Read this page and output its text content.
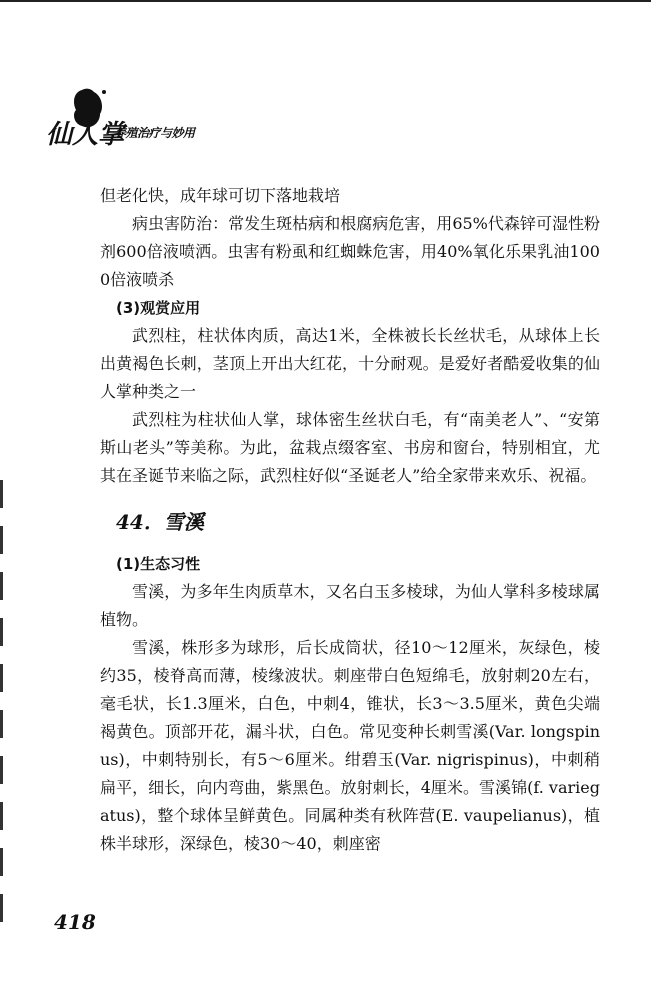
仙人掌
养殖治疗与妙用

但老化快，成年球可切下落地栽培

病虫害防治：常发生斑枯病和根腐病危害，用65%代森锌可湿性粉剂600倍液喷洒。虫害有粉虱和红蜘蛛危害，用40%氧化乐果乳油1000倍液喷杀

(3)观赏应用

武烈柱，柱状体肉质，高达1米，全株被长长丝状毛，从球体上长出黄褐色长刺，茎顶上开出大红花，十分耐观。是爱好者酷爱收集的仙人掌种类之一

武烈柱为柱状仙人掌，球体密生丝状白毛，有“南美老人”、“安第斯山老头”等美称。为此，盆栽点缀客室、书房和窗台，特别相宜，尤其在圣诞节来临之际，武烈柱好似“圣诞老人”给全家带来欢乐、祝福。

44．雪溪

(1)生态习性

雪溪，为多年生肉质草木，又名白玉多棱球，为仙人掌科多棱球属植物。

雪溪，株形多为球形，后长成筒状，径10～12厘米，灰绿色，棱约35，棱脊高而薄，棱缘波状。刺座带白色短绵毛，放射刺20左右，毫毛状，长1.3厘米，白色，中刺4，锥状，长3～3.5厘米，黄色尖端褐黄色。顶部开花，漏斗状，白色。常见变种长刺雪溪(Var. longspinus)，中刺特别长，有5～6厘米。绀碧玉(Var. nigrispinus)，中刺稍扁平，细长，向内弯曲，紫黑色。放射刺长，4厘米。雪溪锦(f. variegatus)，整个球体呈鲜黄色。同属种类有秋阵营(E. vaupelianus)，植株半球形，深绿色，棱30～40，刺座密

418
